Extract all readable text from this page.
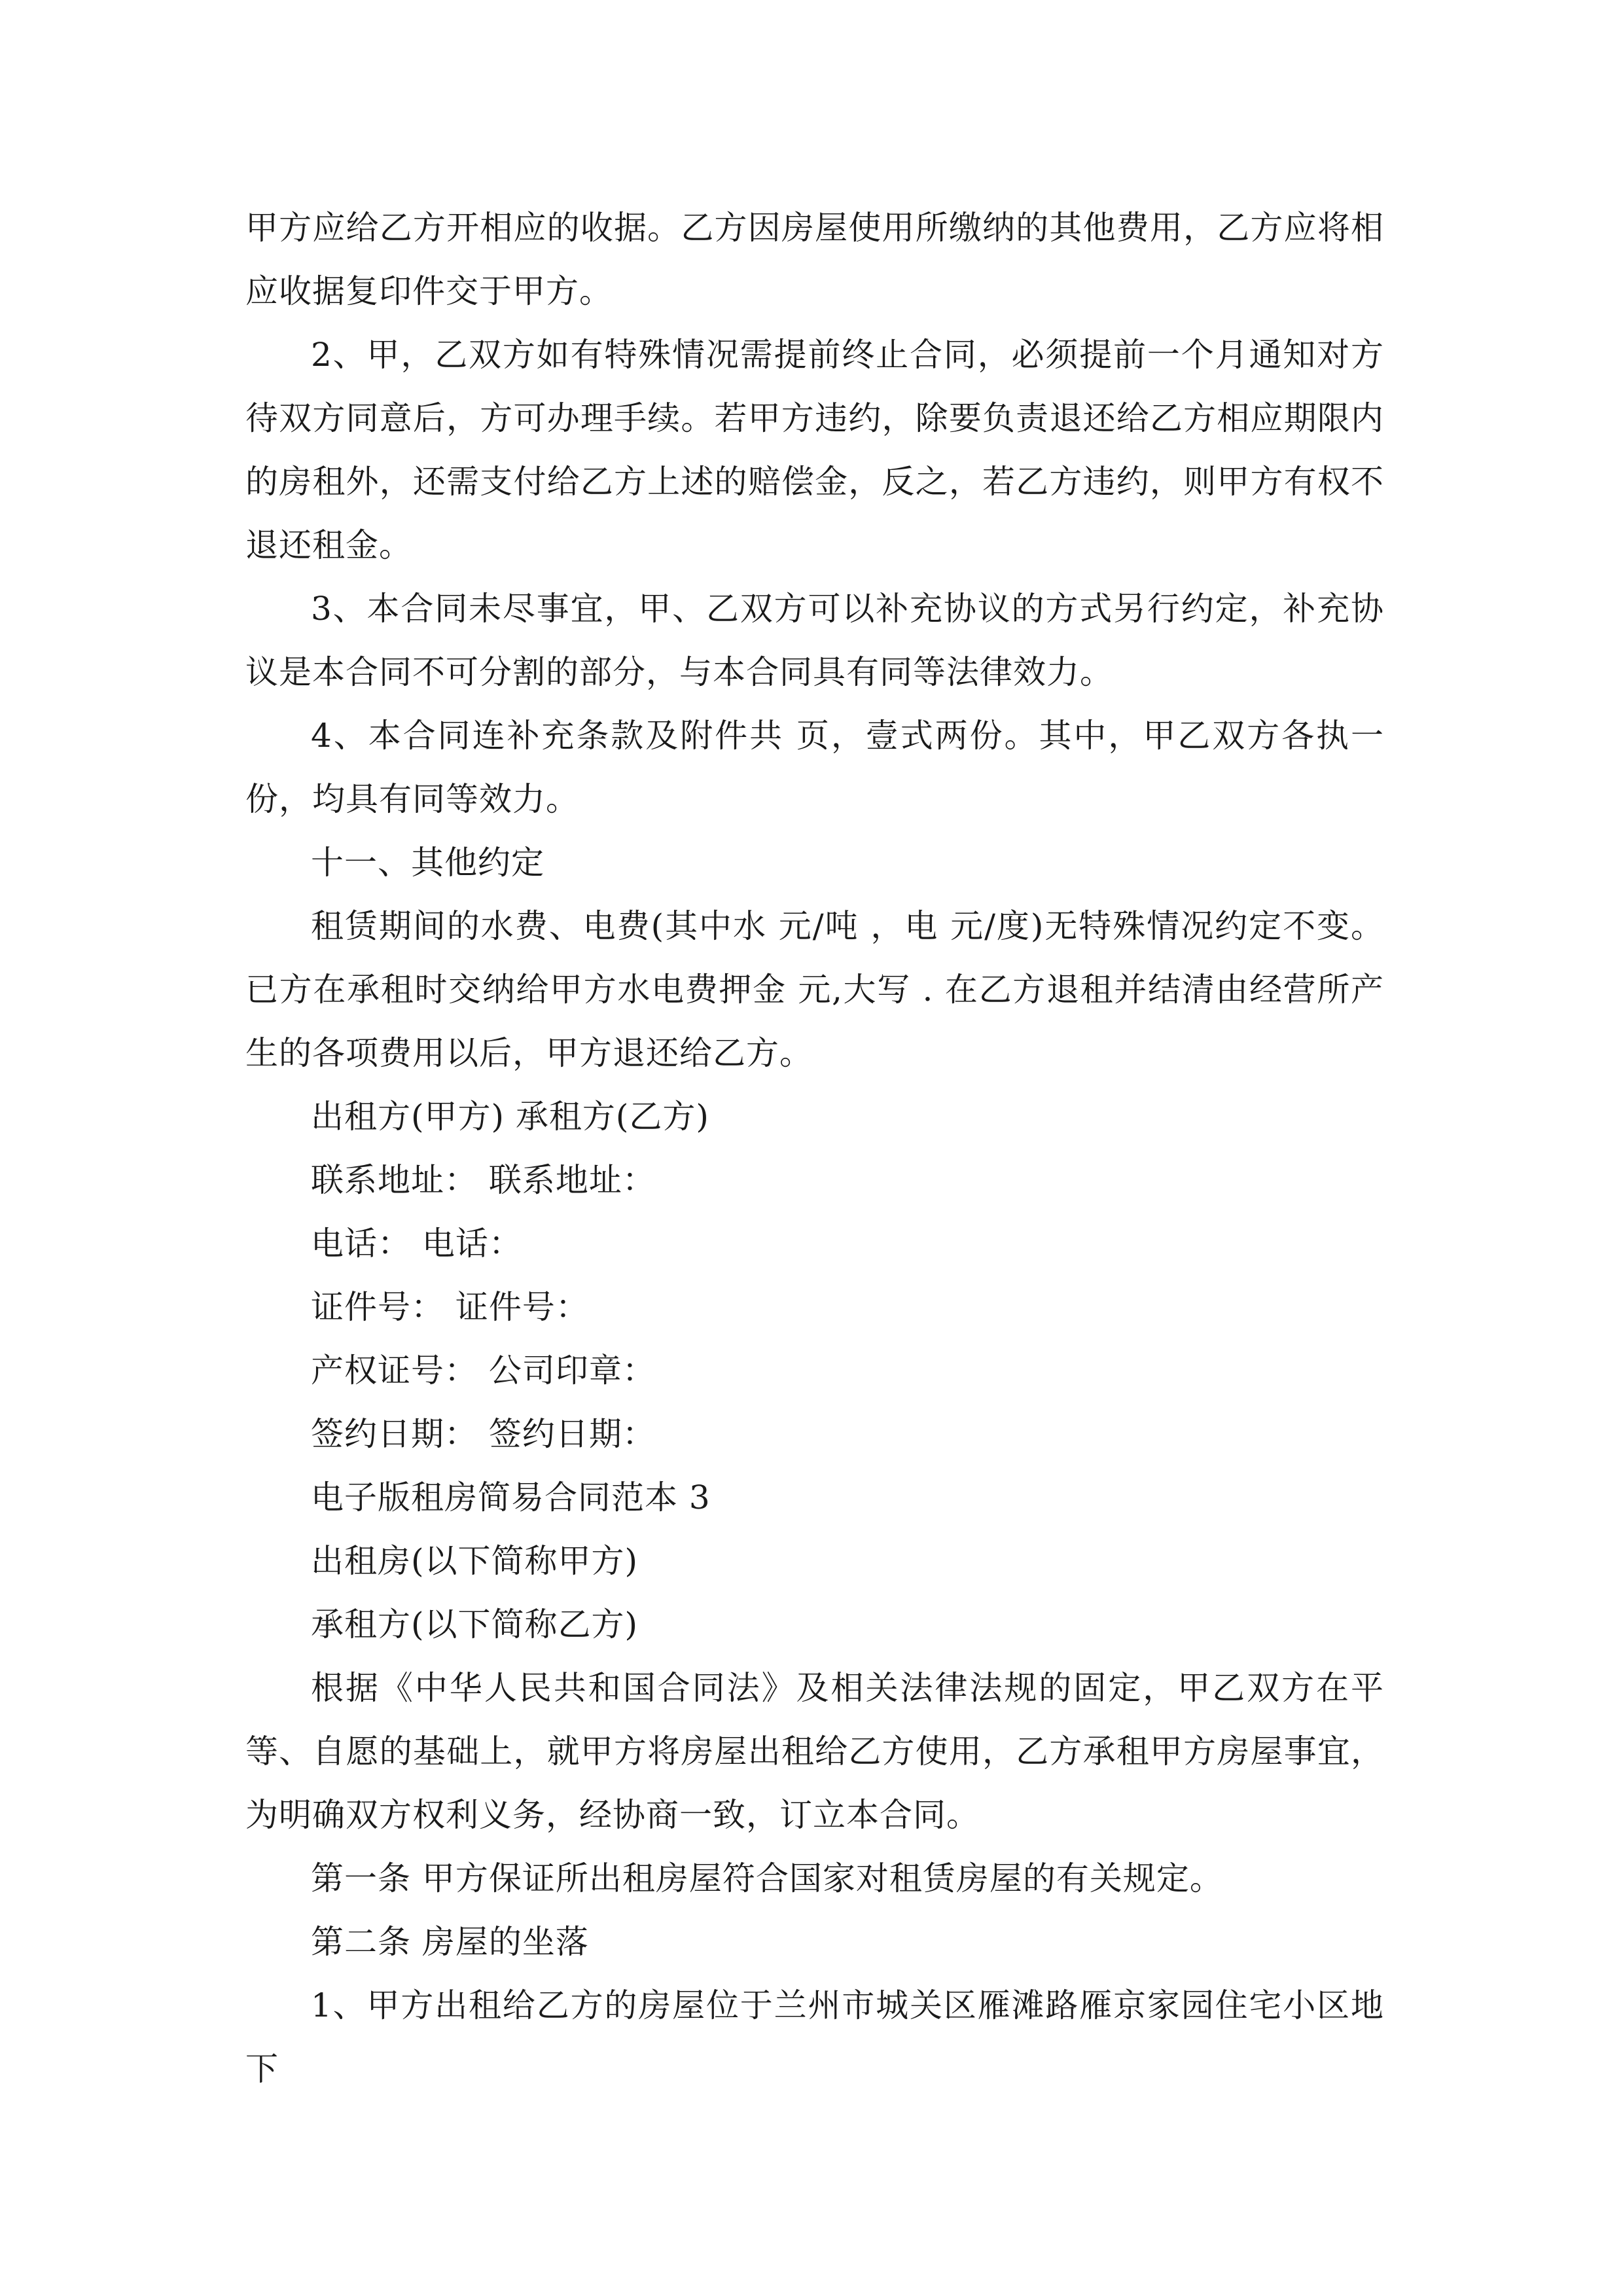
甲方应给乙方开相应的收据。乙方因房屋使用所缴纳的其他费用，乙方应将相应收据复印件交于甲方。

2、甲，乙双方如有特殊情况需提前终止合同，必须提前一个月通知对方待双方同意后，方可办理手续。若甲方违约，除要负责退还给乙方相应期限内的房租外，还需支付给乙方上述的赔偿金，反之，若乙方违约，则甲方有权不退还租金。

3、本合同未尽事宜，甲、乙双方可以补充协议的方式另行约定，补充协议是本合同不可分割的部分，与本合同具有同等法律效力。

4、本合同连补充条款及附件共 页，壹式两份。其中，甲乙双方各执一份，均具有同等效力。

十一、其他约定

租赁期间的水费、电费(其中水 元/吨 ，电 元/度)无特殊情况约定不变。已方在承租时交纳给甲方水电费押金 元,大写 . 在乙方退租并结清由经营所产生的各项费用以后，甲方退还给乙方。

出租方(甲方) 承租方(乙方)

联系地址： 联系地址：

电话： 电话：

证件号： 证件号：

产权证号： 公司印章：

签约日期： 签约日期：

电子版租房简易合同范本 3

出租房(以下简称甲方)

承租方(以下简称乙方)

根据《中华人民共和国合同法》及相关法律法规的固定，甲乙双方在平等、自愿的基础上，就甲方将房屋出租给乙方使用，乙方承租甲方房屋事宜，为明确双方权利义务，经协商一致，订立本合同。

第一条 甲方保证所出租房屋符合国家对租赁房屋的有关规定。

第二条 房屋的坐落

1、甲方出租给乙方的房屋位于兰州市城关区雁滩路雁京家园住宅小区地下
